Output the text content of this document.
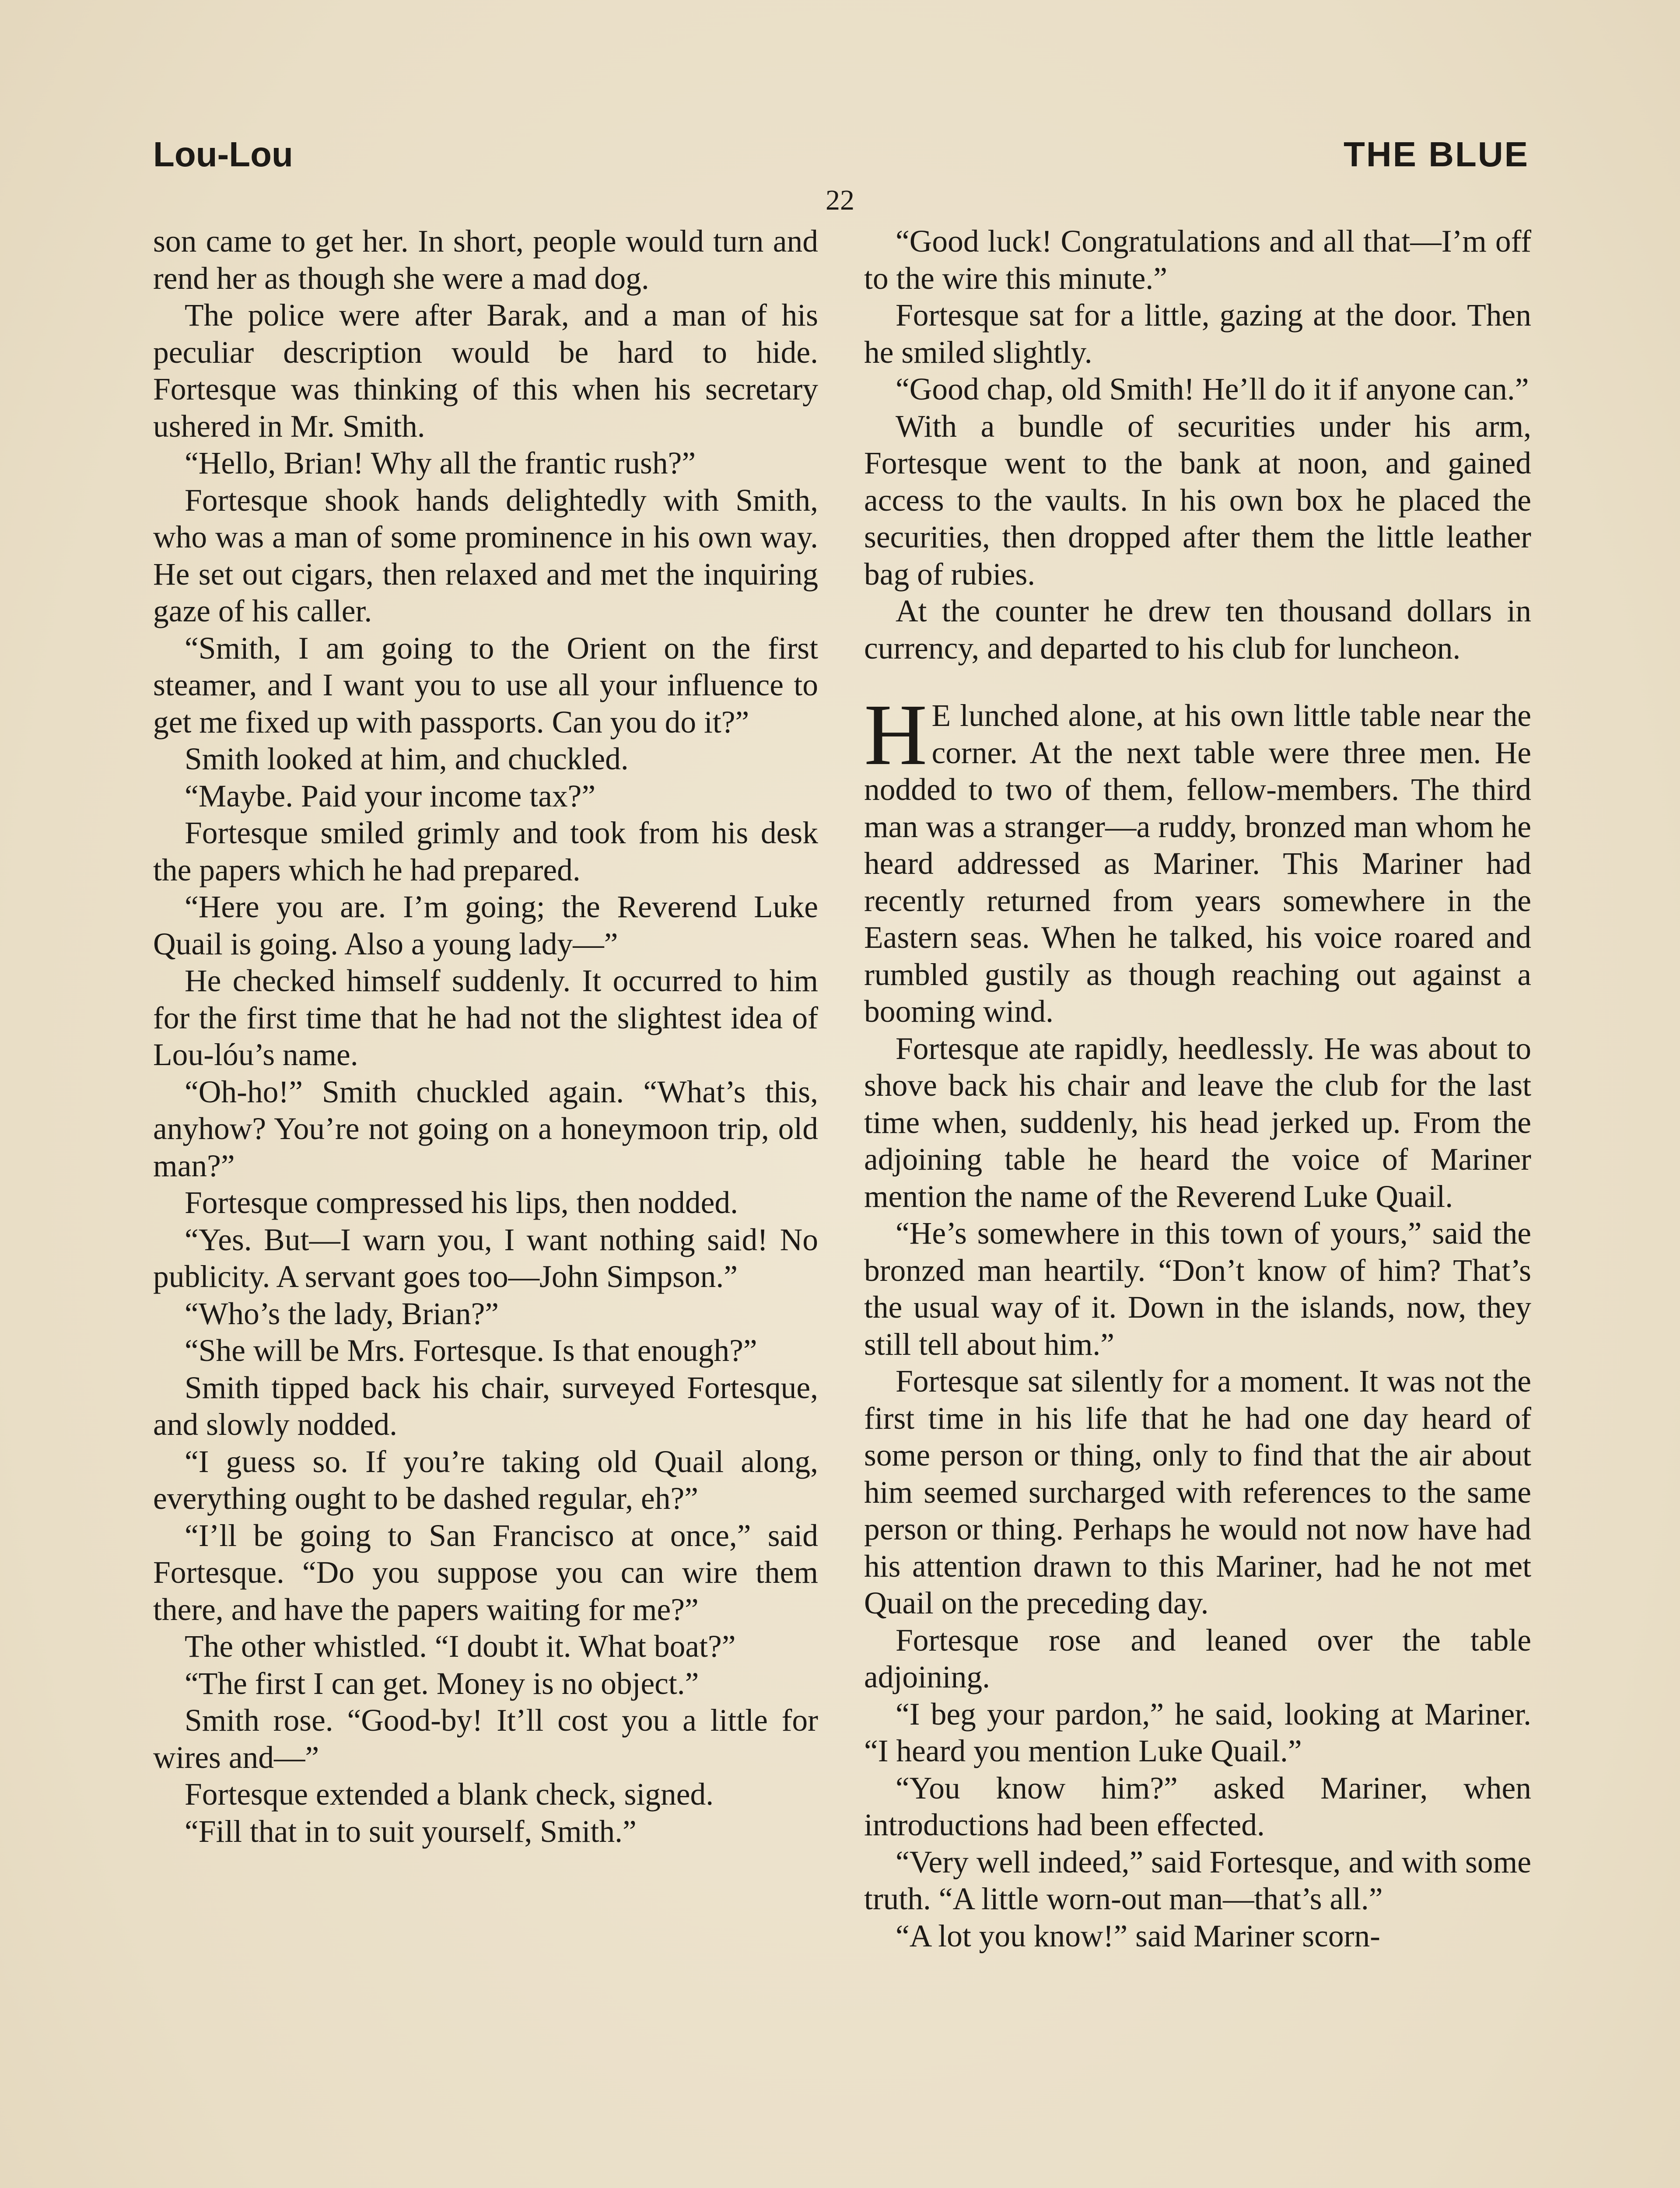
Lou-Lou	THE BLUE
22

son came to get her. In short, people would turn and rend her as though she were a mad dog.

The police were after Barak, and a man of his peculiar description would be hard to hide. Fortesque was thinking of this when his secretary ushered in Mr. Smith.

“Hello, Brian! Why all the frantic rush?”

Fortesque shook hands delightedly with Smith, who was a man of some prominence in his own way. He set out cigars, then relaxed and met the inquiring gaze of his caller.

“Smith, I am going to the Orient on the first steamer, and I want you to use all your influence to get me fixed up with passports. Can you do it?”

Smith looked at him, and chuckled.

“Maybe. Paid your income tax?”

Fortesque smiled grimly and took from his desk the papers which he had prepared.

“Here you are. I’m going; the Reverend Luke Quail is going. Also a young lady—”

He checked himself suddenly. It occurred to him for the first time that he had not the slightest idea of Lou-lóu’s name.

“Oh-ho!” Smith chuckled again. “What’s this, anyhow? You’re not going on a honeymoon trip, old man?”

Fortesque compressed his lips, then nodded.

“Yes. But—I warn you, I want nothing said! No publicity. A servant goes too—John Simpson.”

“Who’s the lady, Brian?”

“She will be Mrs. Fortesque. Is that enough?”

Smith tipped back his chair, surveyed Fortesque, and slowly nodded.

“I guess so. If you’re taking old Quail along, everything ought to be dashed regular, eh?”

“I’ll be going to San Francisco at once,” said Fortesque. “Do you suppose you can wire them there, and have the papers waiting for me?”

The other whistled. “I doubt it. What boat?”

“The first I can get. Money is no object.”

Smith rose. “Good-by! It’ll cost you a little for wires and—”

Fortesque extended a blank check, signed.

“Fill that in to suit yourself, Smith.”

“Good luck! Congratulations and all that—I’m off to the wire this minute.”

Fortesque sat for a little, gazing at the door. Then he smiled slightly.

“Good chap, old Smith! He’ll do it if anyone can.”

With a bundle of securities under his arm, Fortesque went to the bank at noon, and gained access to the vaults. In his own box he placed the securities, then dropped after them the little leather bag of rubies.

At the counter he drew ten thousand dollars in currency, and departed to his club for luncheon.

HE lunched alone, at his own little table near the corner. At the next table were three men. He nodded to two of them, fellow-members. The third man was a stranger—a ruddy, bronzed man whom he heard addressed as Mariner. This Mariner had recently returned from years somewhere in the Eastern seas. When he talked, his voice roared and rumbled gustily as though reaching out against a booming wind.

Fortesque ate rapidly, heedlessly. He was about to shove back his chair and leave the club for the last time when, suddenly, his head jerked up. From the adjoining table he heard the voice of Mariner mention the name of the Reverend Luke Quail.

“He’s somewhere in this town of yours,” said the bronzed man heartily. “Don’t know of him? That’s the usual way of it. Down in the islands, now, they still tell about him.”

Fortesque sat silently for a moment. It was not the first time in his life that he had one day heard of some person or thing, only to find that the air about him seemed surcharged with references to the same person or thing. Perhaps he would not now have had his attention drawn to this Mariner, had he not met Quail on the preceding day.

Fortesque rose and leaned over the table adjoining.

“I beg your pardon,” he said, looking at Mariner. “I heard you mention Luke Quail.”

“You know him?” asked Mariner, when introductions had been effected.

“Very well indeed,” said Fortesque, and with some truth. “A little worn-out man—that’s all.”

“A lot you know!” said Mariner scorn-
